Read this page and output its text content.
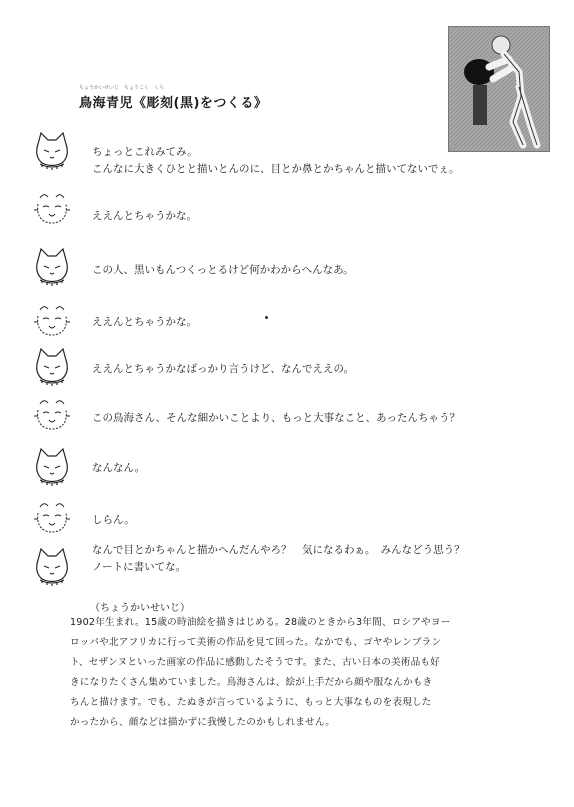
ちょうかいせいじ　ちょうこく　くろ
鳥海青児《彫刻(黒)をつくる》
ちょっとこれみてみ。
こんなに大きくひとと描いとんのに、目とか鼻とかちゃんと描いてないでぇ。
ええんとちゃうかな。
この人、黒いもんつくっとるけど何かわからへんなあ。
ええんとちゃうかな。
ええんとちゃうかなばっかり言うけど、なんでええの。
この鳥海さん、そんな細かいことより、もっと大事なこと、あったんちゃう？
なんなん。
しらん。
なんで目とかちゃんと描かへんだんやろ？　気になるわぁ。　みんなどう思う？
ノートに書いてな。
（ちょうかいせいじ）
1902年生まれ。15歳の時油絵を描きはじめる。28歳のときから3年間、ロシアやヨー
ロッパや北アフリカに行って美術の作品を見て回った。なかでも、ゴヤやレンブラン
ト、セザンヌといった画家の作品に感動したそうです。また、古い日本の美術品も好
きになりたくさん集めていました。鳥海さんは、絵が上手だから顔や服なんかもき
ちんと描けます。でも、たぬきが言っているように、もっと大事なものを表現した
かったから、顔などは描かずに我慢したのかもしれません。
